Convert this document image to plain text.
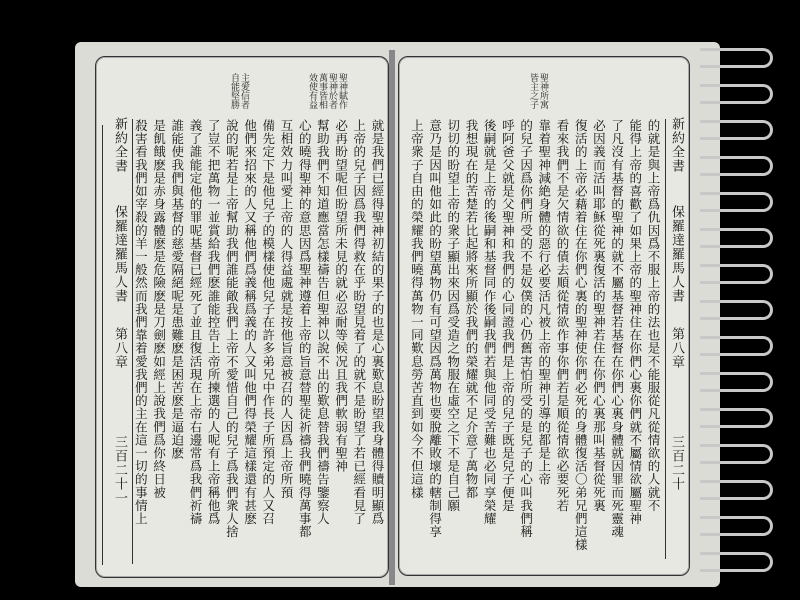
聖神賦作
聖神於者
萬事皆相
效使有益
主愛信者
自能堅勝
新約全書
保羅達羅馬人書
第八章
三百二十一	就是我們已經得聖神初結的果子的也是心裏歎息盼望我身體得贖明顯爲
上帝的兒子因爲我們得救在乎盼望見着了的就不是盼望了若已經看見了
必再盼望呢但盼望所未見的就必忍耐等候况且我們軟弱有聖神
幫助我們不知道應當怎樣禱告但聖神以說不出的歎息替我們禱告鑒察人
心的曉得聖神的意思因爲聖神遵着上帝的旨意替聖徒祈禱我們曉得萬事都
互相效力叫愛上帝的人得益處就是按他旨意被召的人因爲上帝所預
備先定下是他兒子的模樣使他兒子在許多弟兄中作長子所預定的人又召
他們來招來的人又稱他們爲義稱爲義的人又叫他們得榮耀這樣還有甚麽
說的呢若是上帝幫助我們誰能敵我們上帝不愛惜自己的兒子爲我們衆人捨
了豈不把萬物一並賞給我們麽誰能控告上帝所揀選的人呢有上帝稱他爲
義了誰能定他的罪呢基督已經死了並且復活現在上帝右邊常爲我們祈禱
誰能使我們與基督的慈愛隔絕呢是患難麽是困苦麽是逼迫麽
是飢餓麽是赤身露體麽是危險麽是刀劍麽如經上說我們爲你終日被
殺害看我們如宰殺的羊一般然而我們靠着愛我們的主在這一切的事情上
聖神所寓
皆主之子
新約全書
保羅達羅馬人書
第八章
三百二十
的就是與上帝爲仇因爲不服上帝的法也是不能服從凡從情欲的人就不
能得上帝的喜歡了如果上帝的聖神住在你們心裏你們就不屬情欲屬聖神
了凡沒有基督的聖神的就不屬基督若基督在你們心裏身體就因罪而死靈魂
必因義而活叫耶穌從死裏復活的聖神若住在你們心裏那叫基督從死裏
復活的上帝必藉着住在你們心裏的聖神使你們必死的身體復活〇弟兄們這樣
看來我們不是欠情欲的債去順從情欲作事你們若是順從情欲必要死若
靠着聖神減絶身體的惡行必要活凡被上帝的聖神引導的都是上帝
的兒子因爲你們所受的不是奴僕的心仍舊害怕所受的是兒子的心叫我們稱
呼阿爸父就是父聖神和我們的心同證我們是上帝的兒子既是兒子便是
後嗣就是上帝的後嗣和基督同作後嗣我們若與他同受苦難也必同享榮耀
我想現在的苦楚若比起將來所顯於我們的榮耀就不足介意了萬物都
切切的盼望上帝的衆子顯出來因爲受造之物服在虛空之下不是自己願
意乃是因叫他如此的盼望萬物仍有可望因爲萬物也要脫離敗壞的轄制得享
上帝衆子自由的榮耀我們曉得萬物一同歎息勞苦直到如今不但這樣
